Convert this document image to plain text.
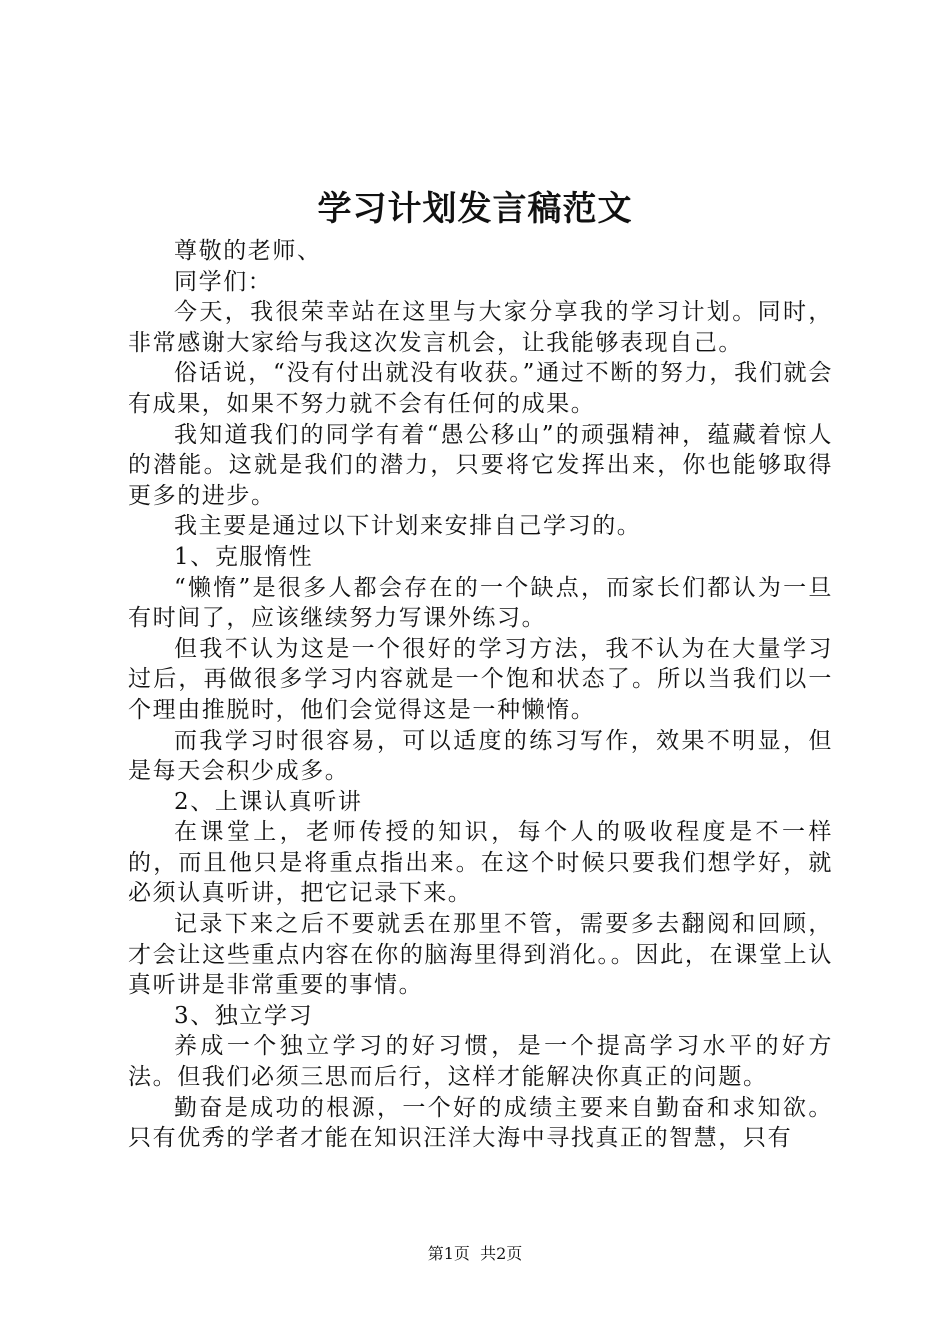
学习计划发言稿范文

尊敬的老师、

同学们：

今天，我很荣幸站在这里与大家分享我的学习计划。同时，非常感谢大家给与我这次发言机会，让我能够表现自己。

俗话说，“没有付出就没有收获。”通过不断的努力，我们就会有成果，如果不努力就不会有任何的成果。

我知道我们的同学有着“愚公移山”的顽强精神，蕴藏着惊人的潜能。这就是我们的潜力，只要将它发挥出来，你也能够取得更多的进步。

我主要是通过以下计划来安排自己学习的。

1、克服惰性

“懒惰”是很多人都会存在的一个缺点，而家长们都认为一旦有时间了，应该继续努力写课外练习。

但我不认为这是一个很好的学习方法，我不认为在大量学习过后，再做很多学习内容就是一个饱和状态了。所以当我们以一个理由推脱时，他们会觉得这是一种懒惰。

而我学习时很容易，可以适度的练习写作，效果不明显，但是每天会积少成多。

2、上课认真听讲

在课堂上，老师传授的知识，每个人的吸收程度是不一样的，而且他只是将重点指出来。在这个时候只要我们想学好，就必须认真听讲，把它记录下来。

记录下来之后不要就丢在那里不管，需要多去翻阅和回顾，才会让这些重点内容在你的脑海里得到消化。。因此，在课堂上认真听讲是非常重要的事情。

3、独立学习

养成一个独立学习的好习惯，是一个提高学习水平的好方法。但我们必须三思而后行，这样才能解决你真正的问题。

勤奋是成功的根源，一个好的成绩主要来自勤奋和求知欲。只有优秀的学者才能在知识汪洋大海中寻找真正的智慧，只有

第1页  共2页
